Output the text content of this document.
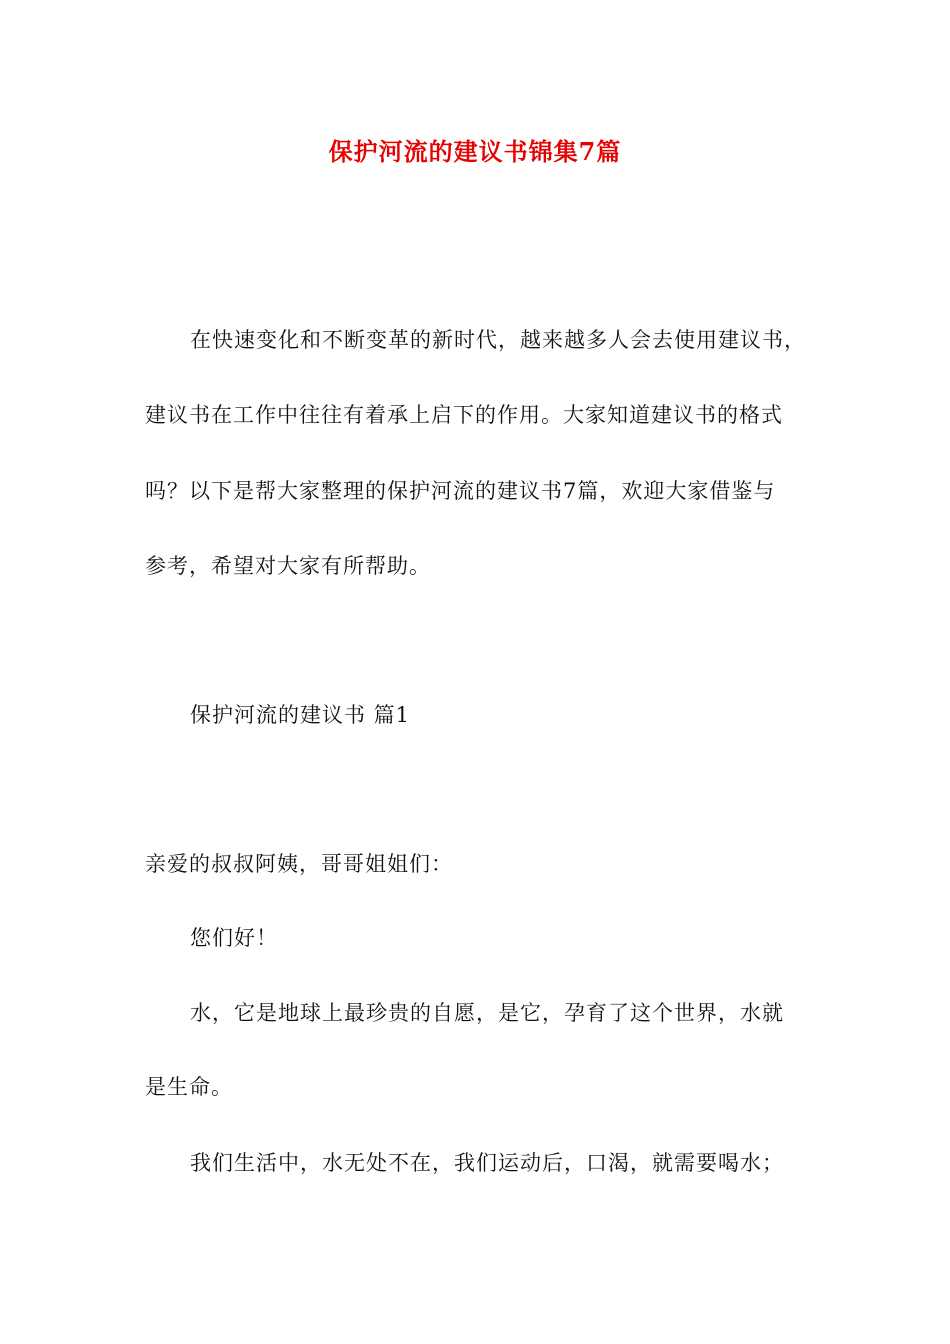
保护河流的建议书锦集7篇
在快速变化和不断变革的新时代，越来越多人会去使用建议书，
建议书在工作中往往有着承上启下的作用。大家知道建议书的格式
吗？以下是帮大家整理的保护河流的建议书7篇，欢迎大家借鉴与
参考，希望对大家有所帮助。
保护河流的建议书 篇1
亲爱的叔叔阿姨，哥哥姐姐们：
您们好！
水，它是地球上最珍贵的自愿，是它，孕育了这个世界，水就
是生命。
我们生活中，水无处不在，我们运动后，口渴，就需要喝水；
